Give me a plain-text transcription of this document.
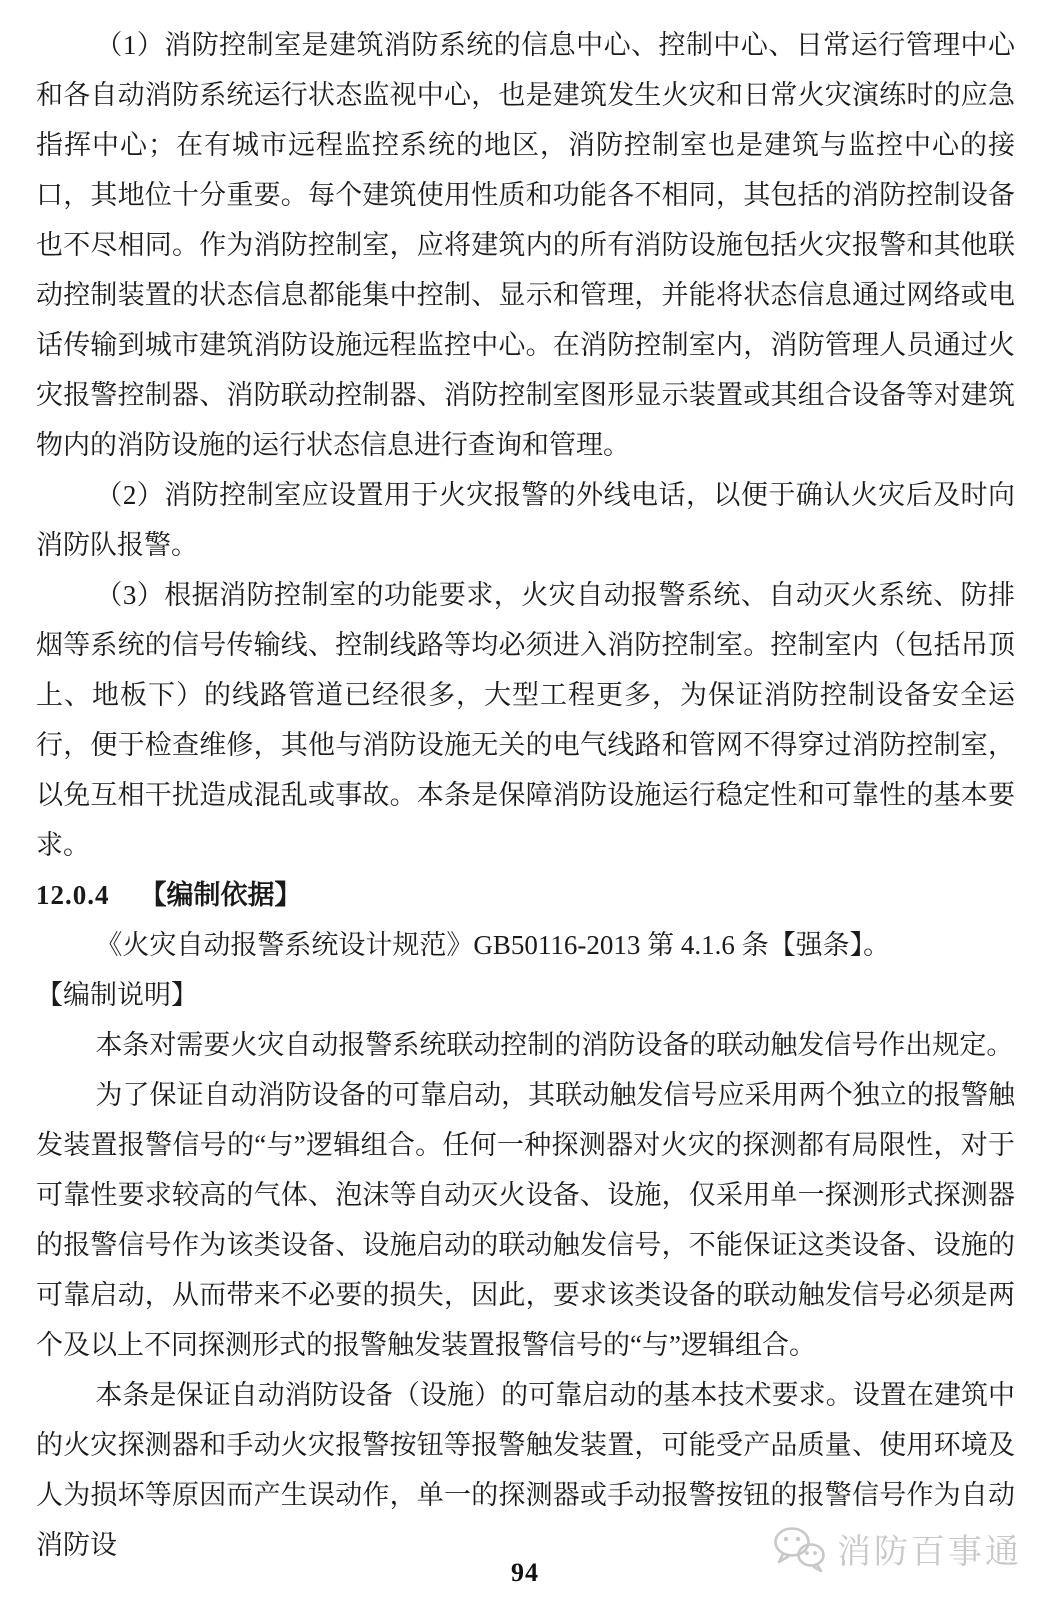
（1）消防控制室是建筑消防系统的信息中心、控制中心、日常运行管理中心和各自动消防系统运行状态监视中心，也是建筑发生火灾和日常火灾演练时的应急指挥中心；在有城市远程监控系统的地区，消防控制室也是建筑与监控中心的接口，其地位十分重要。每个建筑使用性质和功能各不相同，其包括的消防控制设备也不尽相同。作为消防控制室，应将建筑内的所有消防设施包括火灾报警和其他联动控制装置的状态信息都能集中控制、显示和管理，并能将状态信息通过网络或电话传输到城市建筑消防设施远程监控中心。在消防控制室内，消防管理人员通过火灾报警控制器、消防联动控制器、消防控制室图形显示装置或其组合设备等对建筑物内的消防设施的运行状态信息进行查询和管理。

（2）消防控制室应设置用于火灾报警的外线电话，以便于确认火灾后及时向消防队报警。

（3）根据消防控制室的功能要求，火灾自动报警系统、自动灭火系统、防排烟等系统的信号传输线、控制线路等均必须进入消防控制室。控制室内（包括吊顶上、地板下）的线路管道已经很多，大型工程更多，为保证消防控制设备安全运行，便于检查维修，其他与消防设施无关的电气线路和管网不得穿过消防控制室，以免互相干扰造成混乱或事故。本条是保障消防设施运行稳定性和可靠性的基本要求。

12.0.4 【编制依据】

《火灾自动报警系统设计规范》GB50116-2013 第 4.1.6 条【强条】。

【编制说明】

本条对需要火灾自动报警系统联动控制的消防设备的联动触发信号作出规定。

为了保证自动消防设备的可靠启动，其联动触发信号应采用两个独立的报警触发装置报警信号的“与”逻辑组合。任何一种探测器对火灾的探测都有局限性，对于可靠性要求较高的气体、泡沫等自动灭火设备、设施，仅采用单一探测形式探测器的报警信号作为该类设备、设施启动的联动触发信号，不能保证这类设备、设施的可靠启动，从而带来不必要的损失，因此，要求该类设备的联动触发信号必须是两个及以上不同探测形式的报警触发装置报警信号的“与”逻辑组合。

本条是保证自动消防设备（设施）的可靠启动的基本技术要求。设置在建筑中的火灾探测器和手动火灾报警按钮等报警触发装置，可能受产品质量、使用环境及人为损坏等原因而产生误动作，单一的探测器或手动报警按钮的报警信号作为自动消防设	消防百事通
94
